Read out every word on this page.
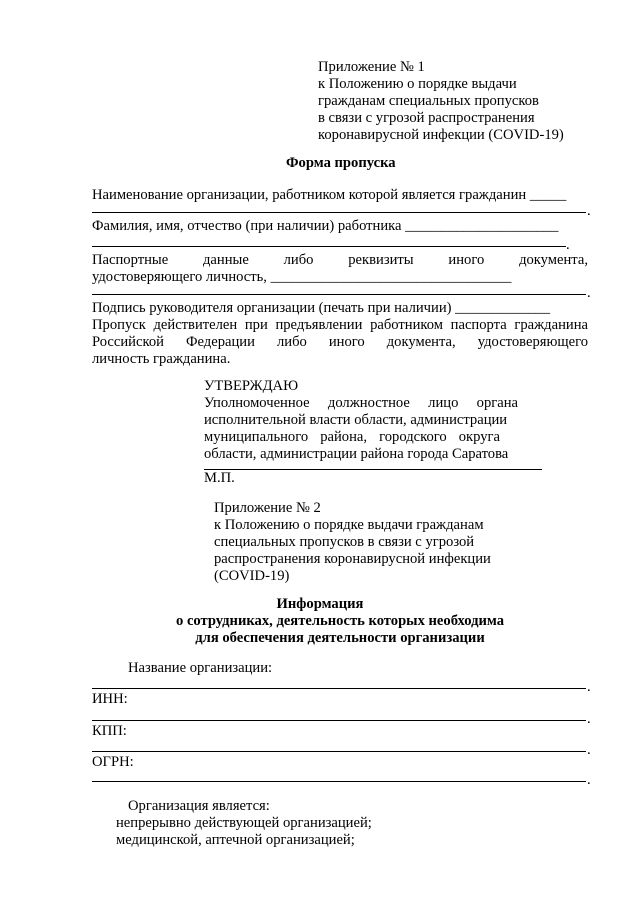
Приложение № 1
к Положению о порядке выдачи
гражданам специальных пропусков
в связи с угрозой распространения
коронавирусной инфекции (COVID-19)
Форма пропуска
Наименование организации, работником которой является гражданин _____
.
Фамилия, имя, отчество (при наличии) работника _____________________
.
Паспортные данные либо реквизиты иного документа,
удостоверяющего личность, _________________________________
.
Подпись руководителя организации (печать при наличии) _____________
Пропуск действителен при предъявлении работником паспорта гражданина
Российской Федерации либо иного документа, удостоверяющего
личность гражданина.
УТВЕРЖДАЮ
Уполномоченное должностное лицо органа
исполнительной власти области, администрации
муниципального района, городского округа
области, администрации района города Саратова
М.П.
Приложение № 2
к Положению о порядке выдачи гражданам
специальных пропусков в связи с угрозой
распространения коронавирусной инфекции
(COVID-19)
Информация
о сотрудниках, деятельность которых необходима
для обеспечения деятельности организации
Название организации:
.
ИНН:
.
КПП:
.
ОГРН:
.
Организация является:
непрерывно действующей организацией;
медицинской, аптечной организацией;
